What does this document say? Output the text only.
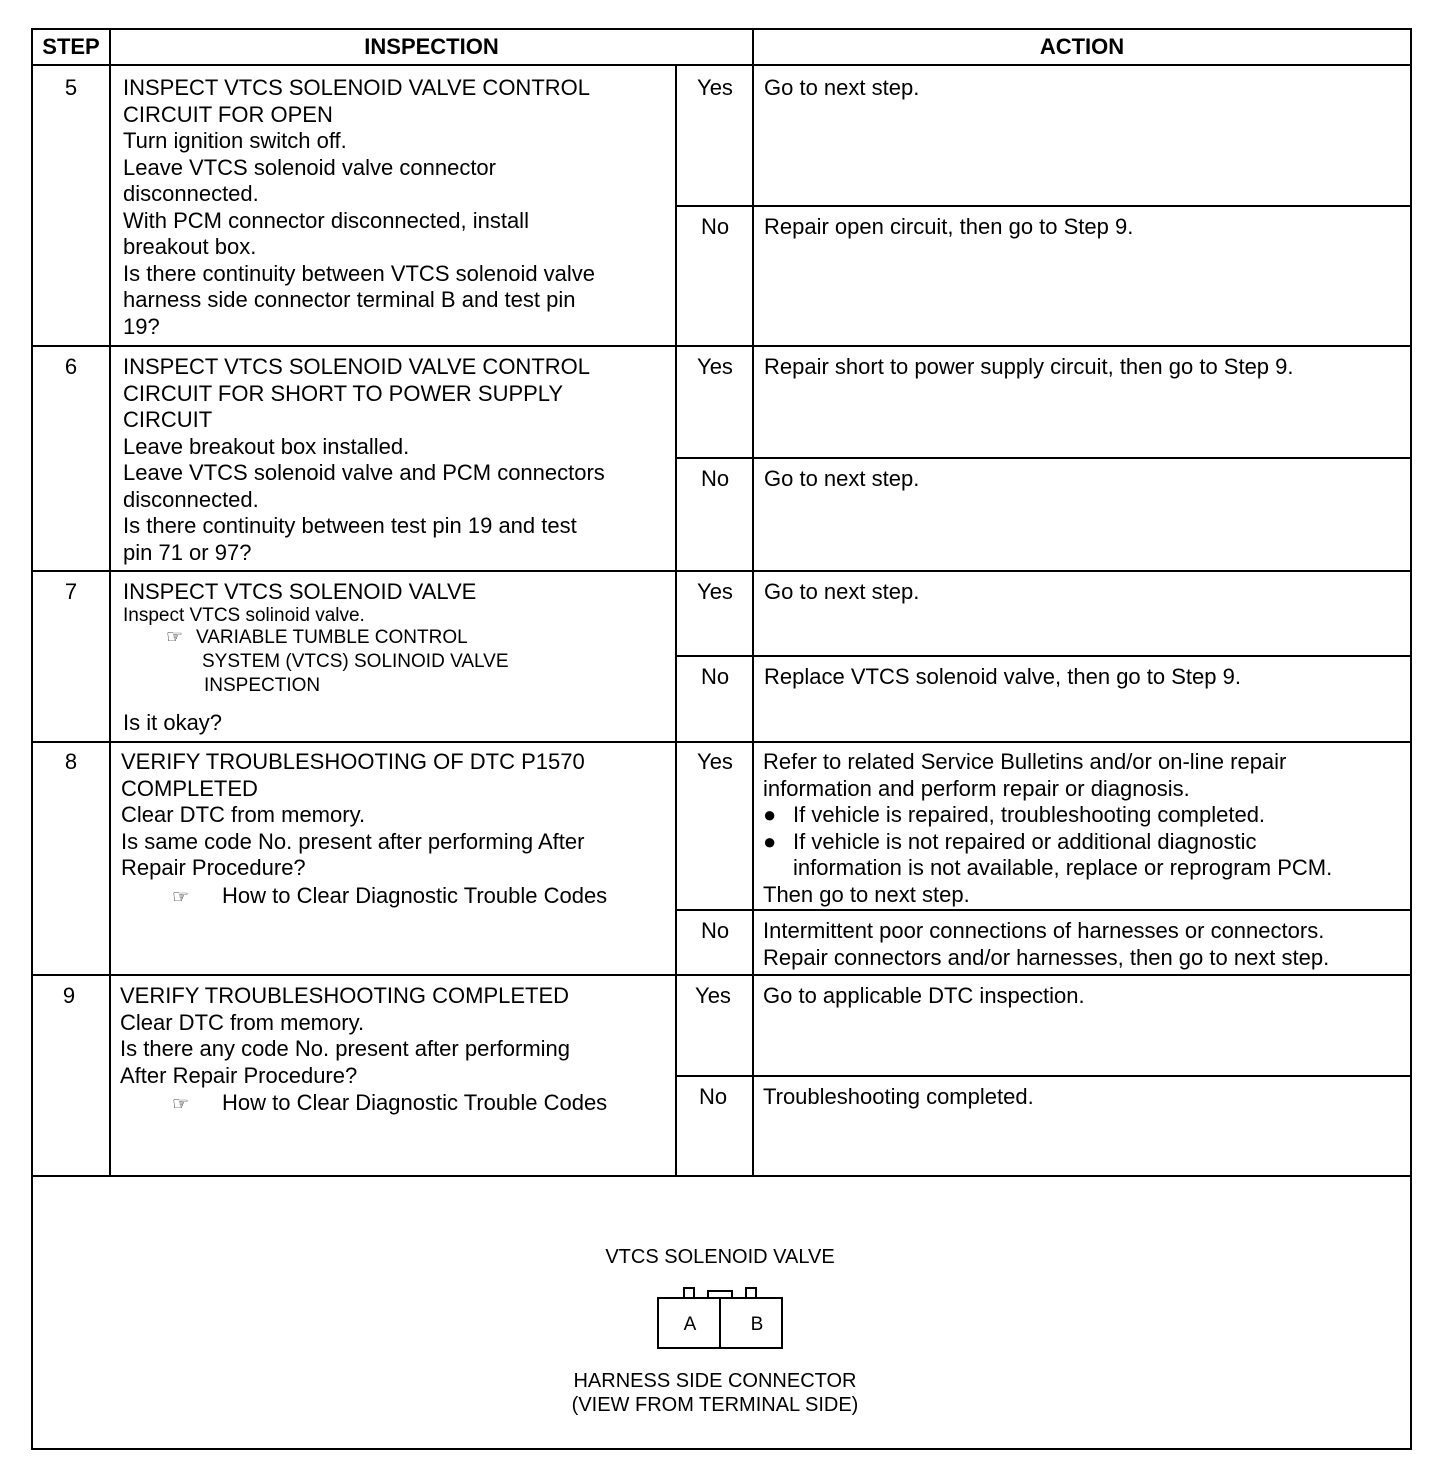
STEP	INSPECTION	ACTION
5	INSPECT VTCS SOLENOID VALVE CONTROL
CIRCUIT FOR OPEN
Turn ignition switch off.
Leave VTCS solenoid valve connector
disconnected.
With PCM connector disconnected, install
breakout box.
Is there continuity between VTCS solenoid valve
harness side connector terminal B and test pin
19?
Yes	Go to next step.
No	Repair open circuit, then go to Step 9.
6	INSPECT VTCS SOLENOID VALVE CONTROL
CIRCUIT FOR SHORT TO POWER SUPPLY
CIRCUIT
Leave breakout box installed.
Leave VTCS solenoid valve and PCM connectors
disconnected.
Is there continuity between test pin 19 and test
pin 71 or 97?
Yes	Repair short to power supply circuit, then go to Step 9.
No	Go to next step.
7	INSPECT VTCS SOLENOID VALVE
Inspect VTCS solinoid valve.
☞ VARIABLE TUMBLE CONTROL
SYSTEM (VTCS) SOLINOID VALVE
INSPECTION
Is it okay?
Yes	Go to next step.
No	Replace VTCS solenoid valve, then go to Step 9.
8	VERIFY TROUBLESHOOTING OF DTC P1570
COMPLETED
Clear DTC from memory.
Is same code No. present after performing After
Repair Procedure?
☞ How to Clear Diagnostic Trouble Codes
Yes	Refer to related Service Bulletins and/or on-line repair
information and perform repair or diagnosis.
● If vehicle is repaired, troubleshooting completed.
● If vehicle is not repaired or additional diagnostic
information is not available, replace or reprogram PCM.
Then go to next step.
No	Intermittent poor connections of harnesses or connectors.
Repair connectors and/or harnesses, then go to next step.
9	VERIFY TROUBLESHOOTING COMPLETED
Clear DTC from memory.
Is there any code No. present after performing
After Repair Procedure?
☞ How to Clear Diagnostic Trouble Codes
Yes	Go to applicable DTC inspection.
No	Troubleshooting completed.
VTCS SOLENOID VALVE
A	B
HARNESS SIDE CONNECTOR
(VIEW FROM TERMINAL SIDE)
